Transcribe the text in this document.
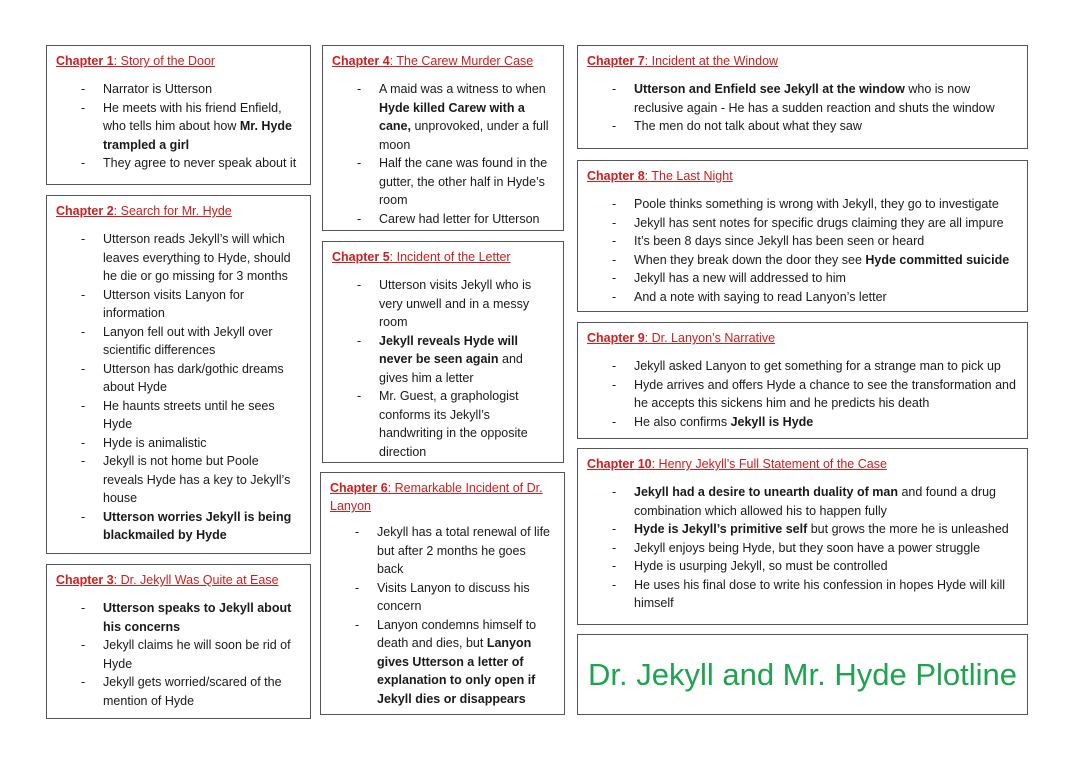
Chapter 1: Story of the Door
- Narrator is Utterson
- He meets with his friend Enfield, who tells him about how Mr. Hyde trampled a girl
- They agree to never speak about it
Chapter 2: Search for Mr. Hyde
- Utterson reads Jekyll’s will which leaves everything to Hyde, should he die or go missing for 3 months
- Utterson visits Lanyon for information
- Lanyon fell out with Jekyll over scientific differences
- Utterson has dark/gothic dreams about Hyde
- He haunts streets until he sees Hyde
- Hyde is animalistic
- Jekyll is not home but Poole reveals Hyde has a key to Jekyll’s house
- Utterson worries Jekyll is being blackmailed by Hyde
Chapter 3: Dr. Jekyll Was Quite at Ease
- Utterson speaks to Jekyll about his concerns
- Jekyll claims he will soon be rid of Hyde
- Jekyll gets worried/scared of the mention of Hyde
Chapter 4: The Carew Murder Case
- A maid was a witness to when Hyde killed Carew with a cane, unprovoked, under a full moon
- Half the cane was found in the gutter, the other half in Hyde’s room
- Carew had letter for Utterson
Chapter 5: Incident of the Letter
- Utterson visits Jekyll who is very unwell and in a messy room
- Jekyll reveals Hyde will never be seen again and gives him a letter
- Mr. Guest, a graphologist conforms its Jekyll’s handwriting in the opposite direction
Chapter 6: Remarkable Incident of Dr. Lanyon
- Jekyll has a total renewal of life but after 2 months he goes back
- Visits Lanyon to discuss his concern
- Lanyon condemns himself to death and dies, but Lanyon gives Utterson a letter of explanation to only open if Jekyll dies or disappears
Chapter 7: Incident at the Window
- Utterson and Enfield see Jekyll at the window who is now reclusive again - He has a sudden reaction and shuts the window
- The men do not talk about what they saw
Chapter 8: The Last Night
- Poole thinks something is wrong with Jekyll, they go to investigate
- Jekyll has sent notes for specific drugs claiming they are all impure
- It’s been 8 days since Jekyll has been seen or heard
- When they break down the door they see Hyde committed suicide
- Jekyll has a new will addressed to him
- And a note with saying to read Lanyon’s letter
Chapter 9: Dr. Lanyon’s Narrative
- Jekyll asked Lanyon to get something for a strange man to pick up
- Hyde arrives and offers Hyde a chance to see the transformation and he accepts this sickens him and he predicts his death
- He also confirms Jekyll is Hyde
Chapter 10: Henry Jekyll’s Full Statement of the Case
- Jekyll had a desire to unearth duality of man and found a drug combination which allowed his to happen fully
- Hyde is Jekyll’s primitive self but grows the more he is unleashed
- Jekyll enjoys being Hyde, but they soon have a power struggle
- Hyde is usurping Jekyll, so must be controlled
- He uses his final dose to write his confession in hopes Hyde will kill himself
Dr. Jekyll and Mr. Hyde Plotline
